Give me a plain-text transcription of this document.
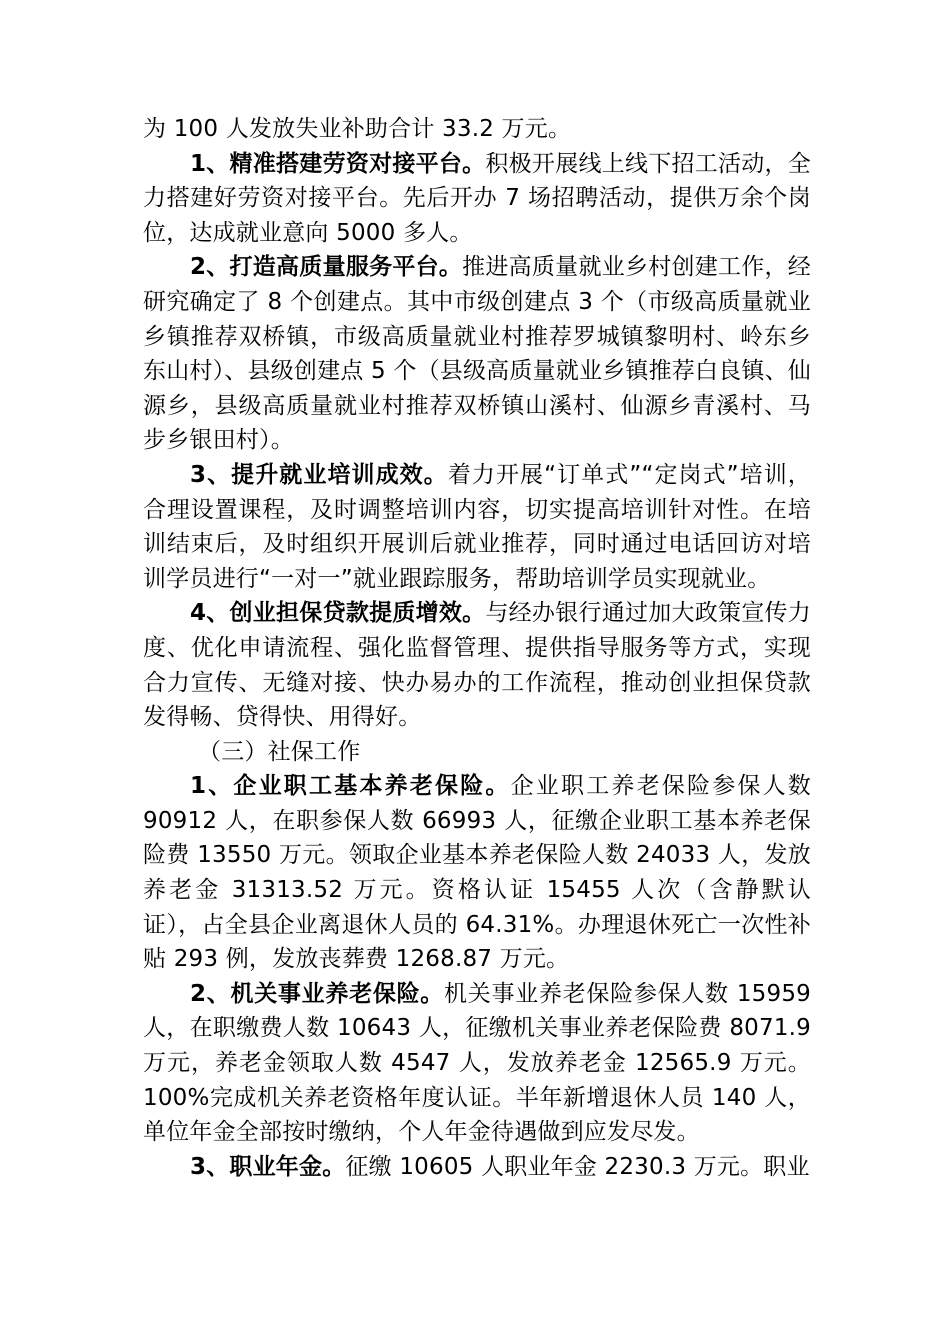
为 100 人发放失业补助合计 33.2 万元。

1、精准搭建劳资对接平台。积极开展线上线下招工活动，全力搭建好劳资对接平台。先后开办 7 场招聘活动，提供万余个岗位，达成就业意向 5000 多人。

2、打造高质量服务平台。推进高质量就业乡村创建工作，经研究确定了 8 个创建点。其中市级创建点 3 个（市级高质量就业乡镇推荐双桥镇，市级高质量就业村推荐罗城镇黎明村、岭东乡东山村）、县级创建点 5 个（县级高质量就业乡镇推荐白良镇、仙源乡，县级高质量就业村推荐双桥镇山溪村、仙源乡青溪村、马步乡银田村）。

3、提升就业培训成效。着力开展“订单式”“定岗式”培训，合理设置课程，及时调整培训内容，切实提高培训针对性。在培训结束后，及时组织开展训后就业推荐，同时通过电话回访对培训学员进行“一对一”就业跟踪服务，帮助培训学员实现就业。

4、创业担保贷款提质增效。与经办银行通过加大政策宣传力度、优化申请流程、强化监督管理、提供指导服务等方式，实现合力宣传、无缝对接、快办易办的工作流程，推动创业担保贷款发得畅、贷得快、用得好。

（三）社保工作

1、企业职工基本养老保险。企业职工养老保险参保人数 90912 人，在职参保人数 66993 人，征缴企业职工基本养老保险费 13550 万元。领取企业基本养老保险人数 24033 人，发放养老金 31313.52 万元。资格认证 15455 人次（含静默认证），占全县企业离退休人员的 64.31%。办理退休死亡一次性补贴 293 例，发放丧葬费 1268.87 万元。

2、机关事业养老保险。机关事业养老保险参保人数 15959 人，在职缴费人数 10643 人，征缴机关事业养老保险费 8071.9 万元，养老金领取人数 4547 人，发放养老金 12565.9 万元。100%完成机关养老资格年度认证。半年新增退休人员 140 人，单位年金全部按时缴纳，个人年金待遇做到应发尽发。

3、职业年金。征缴 10605 人职业年金 2230.3 万元。职业
